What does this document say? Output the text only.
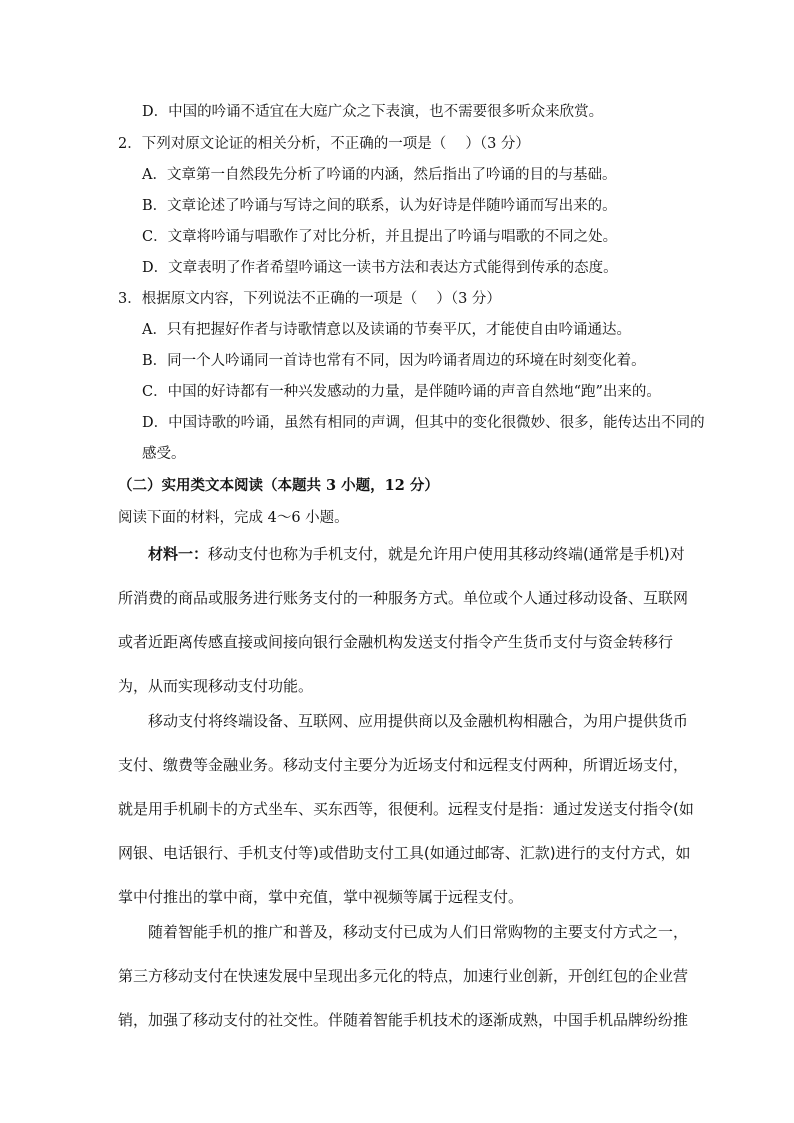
D．中国的吟诵不适宜在大庭广众之下表演，也不需要很多听众来欣赏。
2．下列对原文论证的相关分析，不正确的一项是（　 ）（3 分）
A．文章第一自然段先分析了吟诵的内涵，然后指出了吟诵的目的与基础。
B．文章论述了吟诵与写诗之间的联系，认为好诗是伴随吟诵而写出来的。
C．文章将吟诵与唱歌作了对比分析，并且提出了吟诵与唱歌的不同之处。
D．文章表明了作者希望吟诵这一读书方法和表达方式能得到传承的态度。
3．根据原文内容，下列说法不正确的一项是（　 ）（3 分）
A．只有把握好作者与诗歌情意以及读诵的节奏平仄，才能使自由吟诵通达。
B．同一个人吟诵同一首诗也常有不同，因为吟诵者周边的环境在时刻变化着。
C．中国的好诗都有一种兴发感动的力量，是伴随吟诵的声音自然地“跑”出来的。
D．中国诗歌的吟诵，虽然有相同的声调，但其中的变化很微妙、很多，能传达出不同的
感受。
（二）实用类文本阅读（本题共 3 小题，12 分）
阅读下面的材料，完成 4～6 小题。
材料一：移动支付也称为手机支付，就是允许用户使用其移动终端(通常是手机)对
所消费的商品或服务进行账务支付的一种服务方式。单位或个人通过移动设备、互联网
或者近距离传感直接或间接向银行金融机构发送支付指令产生货币支付与资金转移行
为，从而实现移动支付功能。
移动支付将终端设备、互联网、应用提供商以及金融机构相融合，为用户提供货币
支付、缴费等金融业务。移动支付主要分为近场支付和远程支付两种，所谓近场支付，
就是用手机刷卡的方式坐车、买东西等，很便利。远程支付是指：通过发送支付指令(如
网银、电话银行、手机支付等)或借助支付工具(如通过邮寄、汇款)进行的支付方式，如
掌中付推出的掌中商，掌中充值，掌中视频等属于远程支付。
随着智能手机的推广和普及，移动支付已成为人们日常购物的主要支付方式之一，
第三方移动支付在快速发展中呈现出多元化的特点，加速行业创新，开创红包的企业营
销，加强了移动支付的社交性。伴随着智能手机技术的逐渐成熟，中国手机品牌纷纷推
